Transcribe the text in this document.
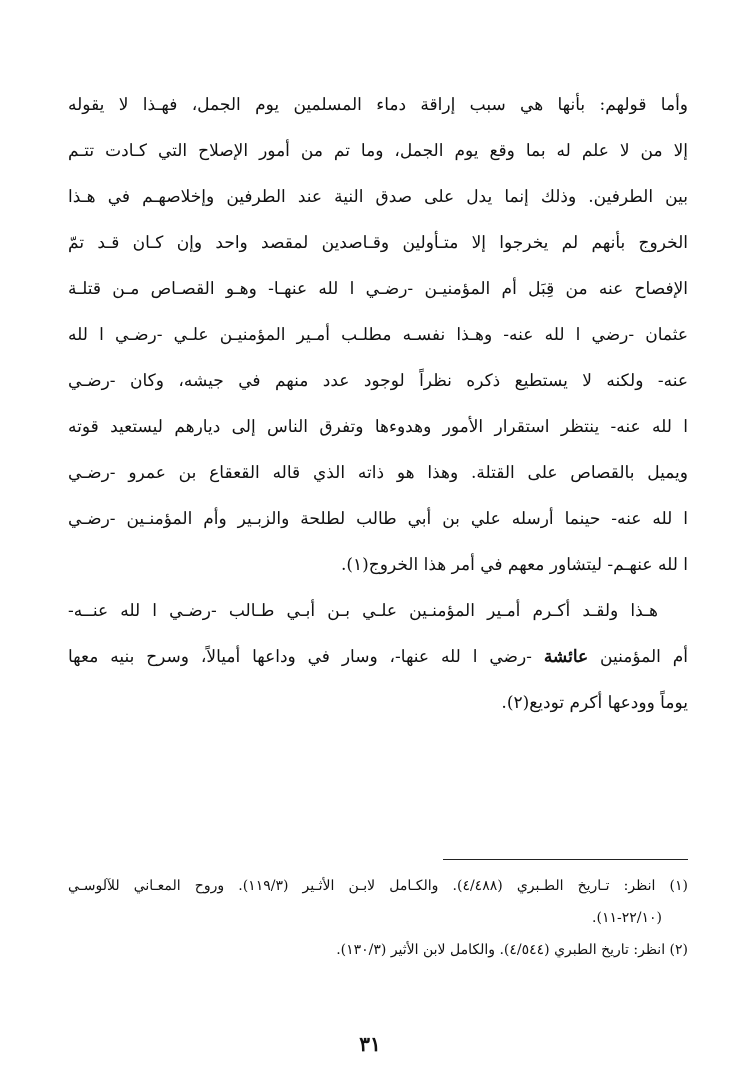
وأما قولهم: بأنها هي سبب إراقة دماء المسلمين يوم الجمل، فهـذا لا يقوله
إلا من لا علم له بما وقع يوم الجمل، وما تم من أمور الإصلاح التي كـادت تتـم
بين الطرفين. وذلك إنما يدل على صدق النية عند الطرفين وإخلاصهـم في هـذا
الخروج بأنهم لم يخرجوا إلا متـأولين وقـاصدين لمقصد واحد وإن كـان قـد تمّ
الإفصاح عنه من قِبَل أم المؤمنيـن -رضـي ا لله عنهـا- وهـو القصـاص مـن قتلـة
عثمان -رضي ا لله عنه- وهـذا نفسـه مطلـب أمـير المؤمنيـن علـي -رضـي ا لله
عنه- ولكنه لا يستطيع ذكره نظراً لوجود عدد منهم في جيشه، وكان -رضـي
ا لله عنه- ينتظر استقرار الأمور وهدوءها وتفرق الناس إلى ديارهم ليستعيد قوته
ويميل بالقصاص على القتلة. وهذا هو ذاته الذي قاله القعقاع بن عمرو -رضـي
ا لله عنه- حينما أرسله علي بن أبي طالب لطلحة والزبـير وأم المؤمنـين -رضـي
ا لله عنهـم- ليتشاور معهم في أمر هذا الخروج(١).
هـذا ولقـد أكـرم أمـير المؤمنـين علـي بـن أبـي طـالب -رضـي ا لله عنــه-
أم المؤمنين عائشة -رضي ا لله عنها-، وسار في وداعها أميالاً، وسرح بنيه معها
يوماً وودعها أكرم توديع(٢).
(١) انظر: تـاريخ الطـبري (٤/٤٨٨). والكـامل لابـن الأثـير (١١٩/٣). وروح المعـاني للآلوسـي
(٢٢/١٠-١١).
(٢) انظر: تاريخ الطبري (٤/٥٤٤). والكامل لابن الأثير (١٣٠/٣).
٣١
